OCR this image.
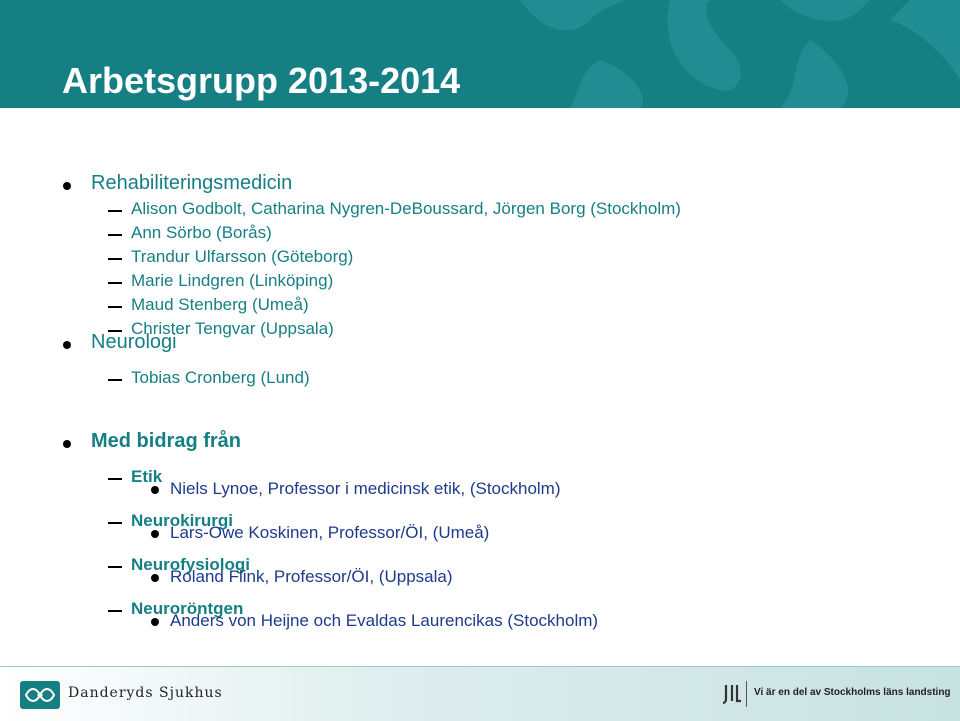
Arbetsgrupp 2013-2014
Rehabiliteringsmedicin
Alison Godbolt, Catharina Nygren-DeBoussard, Jörgen Borg (Stockholm)
Ann Sörbo (Borås)
Trandur Ulfarsson (Göteborg)
Marie Lindgren (Linköping)
Maud Stenberg (Umeå)
Christer Tengvar (Uppsala)
Neurologi
Tobias Cronberg (Lund)
Med bidrag från
Etik
Niels Lynoe, Professor i medicinsk etik, (Stockholm)
Neurokirurgi
Lars-Owe Koskinen, Professor/ÖI, (Umeå)
Neurofysiologi
Roland Flink, Professor/ÖI, (Uppsala)
Neuroröntgen
Anders von Heijne och Evaldas Laurencikas (Stockholm)
Danderyds Sjukhus	Vi är en del av Stockholms läns landsting
